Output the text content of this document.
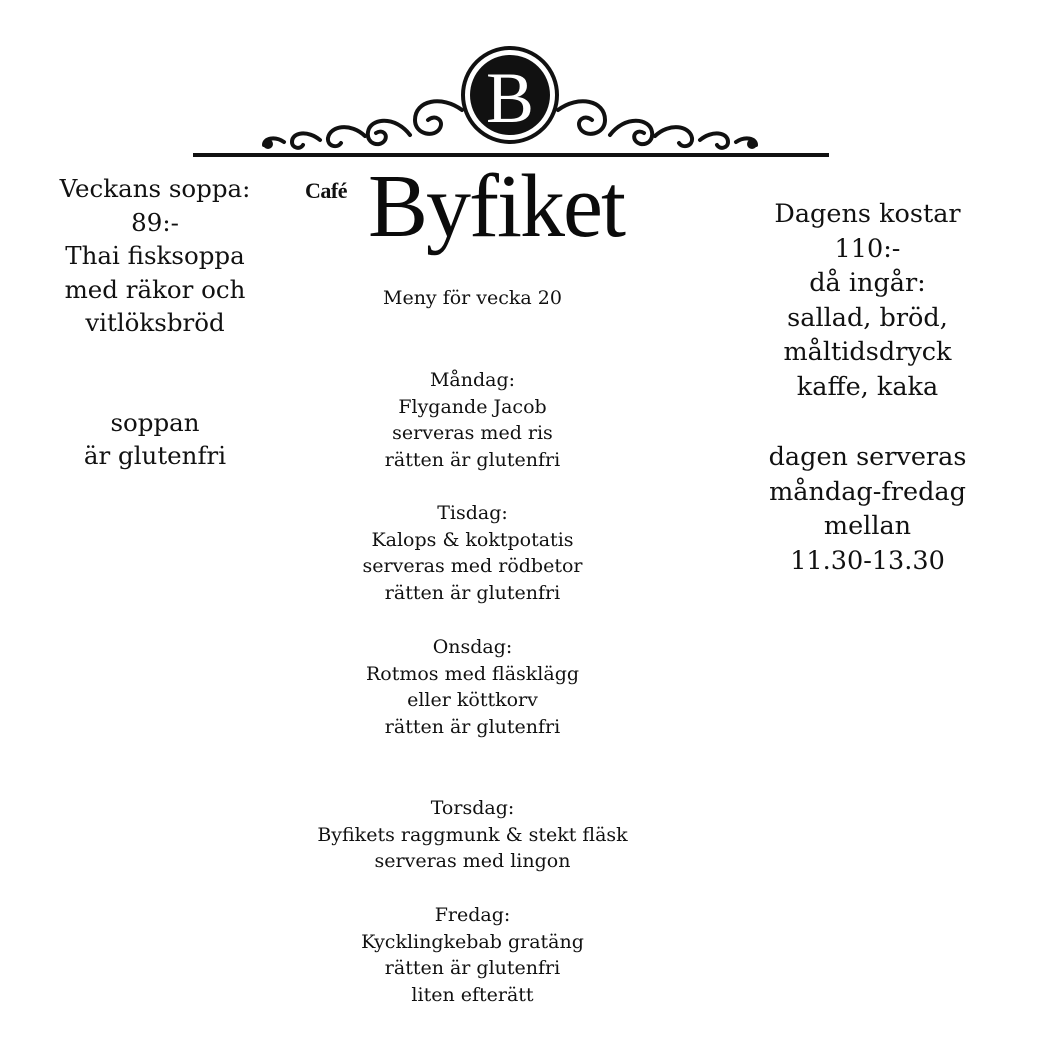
B
Café Byfiket
Meny för vecka 20
Veckans soppa:
89:-
Thai fisksoppa
med räkor och
vitlöksbröd
soppan
är glutenfri
Dagens kostar
110:-
då ingår:
sallad, bröd,
måltidsdryck
kaffe, kaka
dagen serveras
måndag-fredag
mellan
11.30-13.30
Måndag:
Flygande Jacob
serveras med ris
rätten är glutenfri
Tisdag:
Kalops & koktpotatis
serveras med rödbetor
rätten är glutenfri
Onsdag:
Rotmos med fläsklägg
eller köttkorv
rätten är glutenfri
Torsdag:
Byfikets raggmunk & stekt fläsk
serveras med lingon
Fredag:
Kycklingkebab gratäng
rätten är glutenfri
liten efterätt
